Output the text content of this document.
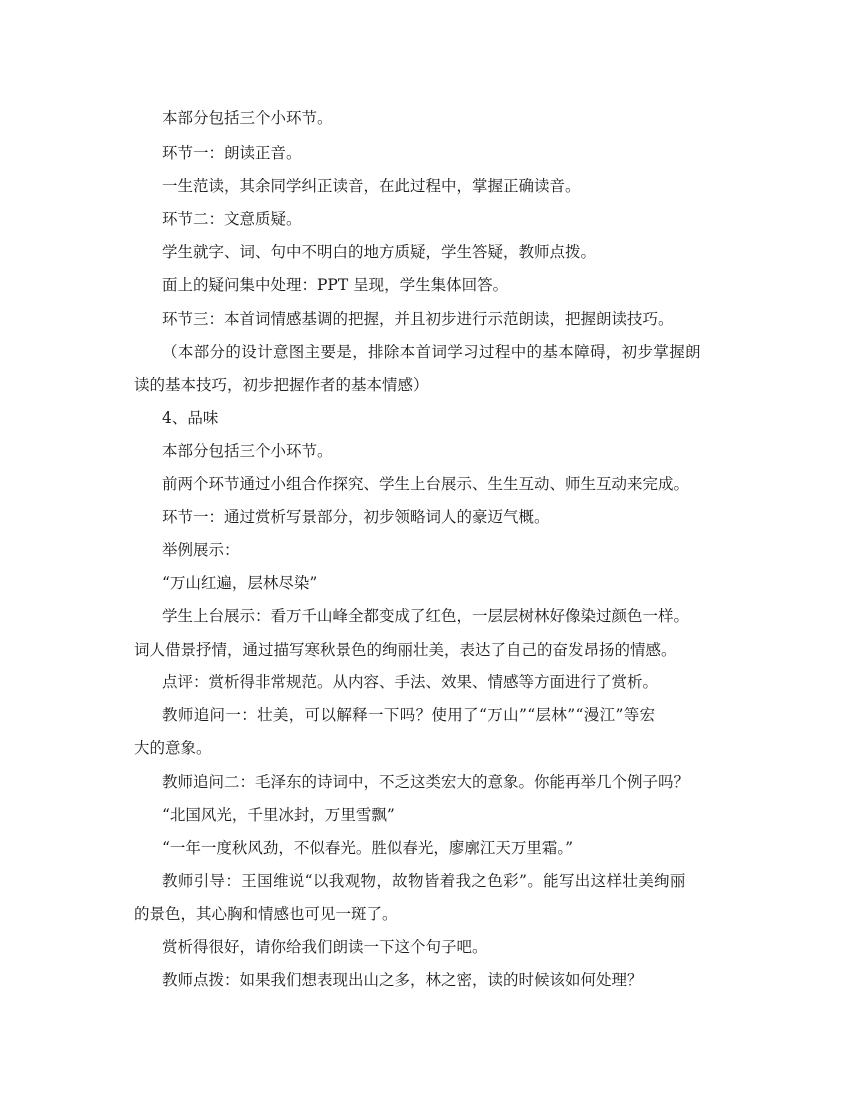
本部分包括三个小环节。
环节一：朗读正音。
一生范读，其余同学纠正读音，在此过程中，掌握正确读音。
环节二：文意质疑。
学生就字、词、句中不明白的地方质疑，学生答疑，教师点拨。
面上的疑问集中处理：PPT 呈现，学生集体回答。
环节三：本首词情感基调的把握，并且初步进行示范朗读，把握朗读技巧。
（本部分的设计意图主要是，排除本首词学习过程中的基本障碍，初步掌握朗
读的基本技巧，初步把握作者的基本情感）
4、品味
本部分包括三个小环节。
前两个环节通过小组合作探究、学生上台展示、生生互动、师生互动来完成。
环节一：通过赏析写景部分，初步领略词人的豪迈气概。
举例展示：
“万山红遍，层林尽染”
学生上台展示：看万千山峰全都变成了红色，一层层树林好像染过颜色一样。
词人借景抒情，通过描写寒秋景色的绚丽壮美，表达了自己的奋发昂扬的情感。
点评：赏析得非常规范。从内容、手法、效果、情感等方面进行了赏析。
教师追问一：壮美，可以解释一下吗？使用了“万山”“层林”“漫江”等宏
大的意象。
教师追问二：毛泽东的诗词中，不乏这类宏大的意象。你能再举几个例子吗？
“北国风光，千里冰封，万里雪飘”
“一年一度秋风劲，不似春光。胜似春光，廖廓江天万里霜。”
教师引导：王国维说“以我观物，故物皆着我之色彩”。能写出这样壮美绚丽
的景色，其心胸和情感也可见一斑了。
赏析得很好，请你给我们朗读一下这个句子吧。
教师点拨：如果我们想表现出山之多，林之密，读的时候该如何处理？
